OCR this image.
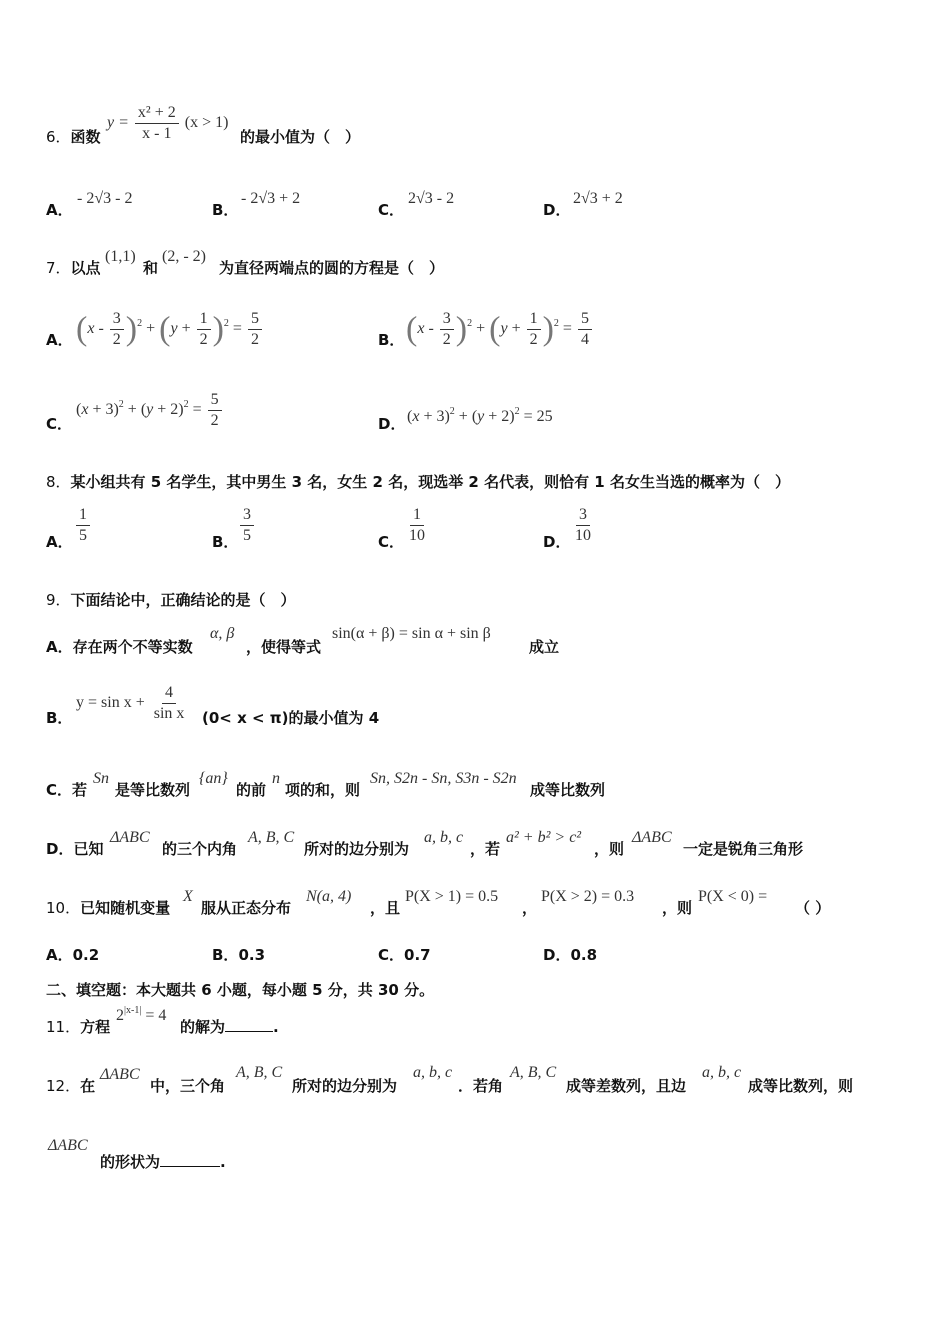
6．函数
$y = \frac{\text{x² + 2}}{x - 1} (x > 1)$
的最小值为（　）
A．
- 2√3 - 2
B．
- 2√3 + 2
C．
2√3 - 2
D．
2√3 + 2
7．以点
(1,1)
和
(2, - 2)
为直径两端点的圆的方程是（　）
A． $(x - \frac{3}{2} )^2 + (y + \frac{1}{2} )^2 = \frac{5}{2}$	B． $(x - \frac{3}{2} )^2 + (y + \frac{1}{2} )^2 = \frac{5}{4}$
C．
$(x + 3)^2 + (y + 2)^2 = \frac{5}{2}$	D． $(x + 3)^2 + (y + 2)^2 = 25$
8．某小组共有 5 名学生，其中男生 3 名，女生 2 名，现选举 2 名代表，则恰有 1 名女生当选的概率为（　）
A． $\frac{1}{5}$	B． $\frac{3}{5}$	C． $\frac{1}{10}$	D． $\frac{3}{10}$
9．下面结论中，正确结论的是（　）
A．存在两个不等实数
α, β
，使得等式
sin(α + β) = sin α + sin β
成立
B．
$y = \sin x + \frac{4}{\text{sin x}} (0< x < \pi)$的最小值为 4
C．若
Sn
是等比数列
{an}
的前
n
项的和，则
Sn, S2n - Sn, S3n - S2n
成等比数列
D．已知
ΔABC
的三个内角
A, B, C
所对的边分别为
a, b, c
，若
a² + b² > c²
，则
ΔABC
一定是锐角三角形
10．已知随机变量
X
服从正态分布
N(a, 4)
，且
P(X > 1) = 0.5
，
P(X > 2) = 0.3
，则
P(X < 0) =
（ ）
A．0.2	B．0.3	C．0.7	D．0.8
二、填空题：本大题共 6 小题，每小题 5 分，共 30 分。
11．方程
$2^{|x-1|} = 4$
的解为	.
12．在
ΔABC
中，三个角
A, B, C
所对的边分别为
a, b, c
．若角
A, B, C
成等差数列，且边
a, b, c
成等比数列，则
ΔABC
的形状为	.
